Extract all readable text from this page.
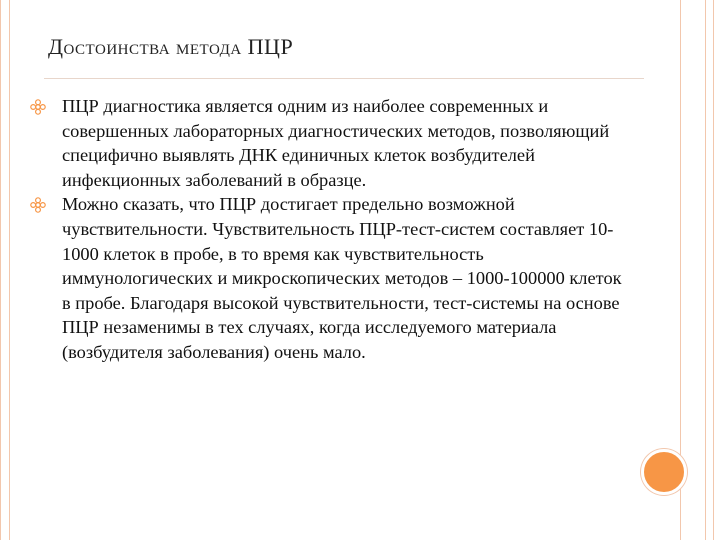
Достоинства метода ПЦР
ПЦР диагностика является одним из наиболее современных и совершенных лабораторных диагностических методов, позволяющий специфично выявлять ДНК единичных клеток возбудителей инфекционных заболеваний в образце.
Можно сказать, что ПЦР достигает предельно возможной чувствительности. Чувствительность ПЦР-тест-систем составляет 10-1000 клеток в пробе, в то время как чувствительность иммунологических и микроскопических методов – 1000-100000 клеток в пробе. Благодаря высокой чувствительности, тест-системы на основе ПЦР незаменимы в тех случаях, когда исследуемого материала (возбудителя заболевания) очень мало.
